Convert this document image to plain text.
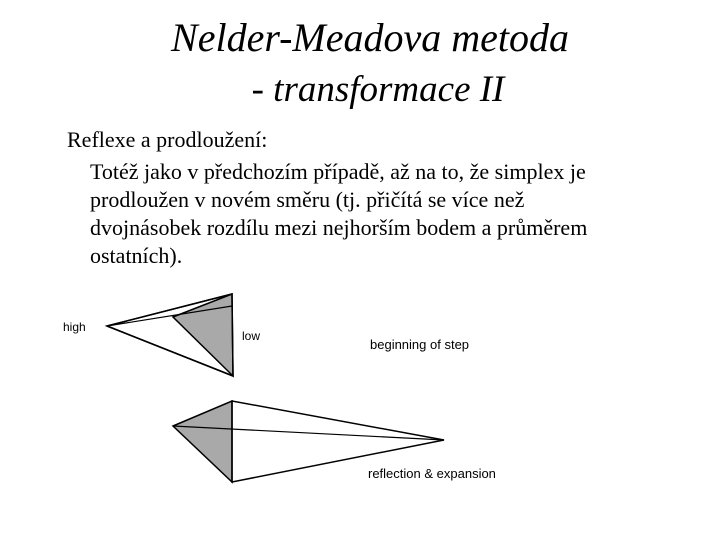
Nelder-Meadova metoda
- transformace II
Reflexe a prodloužení:
Totéž jako v předchozím případě, až na to, že simplex je
prodloužen v novém směru (tj. přičítá se více než
dvojnásobek rozdílu mezi nejhorším bodem a průměrem
ostatních).
high
low
beginning of step
reflection & expansion
